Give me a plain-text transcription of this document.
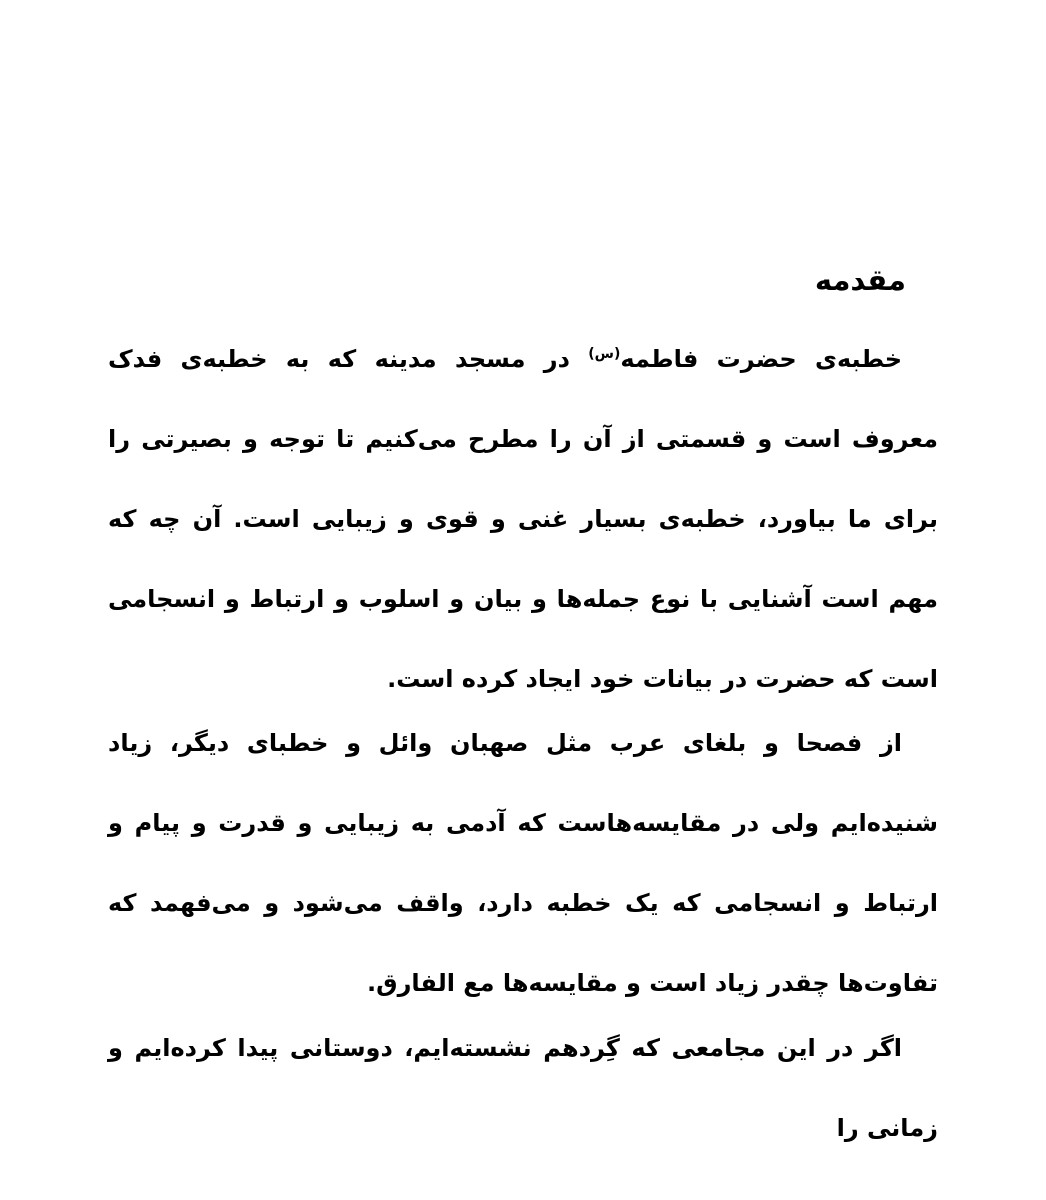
مقدمه

خطبه‌ی حضرت فاطمه$^{(س)}$ در مسجد مدینه که به خطبه‌ی فدک معروف است و قسمتی از آن را مطرح می‌کنیم تا توجه و بصیرتی را برای ما بیاورد، خطبه‌ی بسیار غنی و قوی و زیبایی است. آن چه که مهم است آشنایی با نوع جمله‌ها و بیان و اسلوب و ارتباط و انسجامی است که حضرت در بیانات خود ایجاد کرده است.

از فصحا و بلغای عرب مثل صهبان وائل و خطبای دیگر، زیاد شنیده‌ایم ولی در مقایسه‌هاست که آدمی به زیبایی و قدرت و پیام و ارتباط و انسجامی که یک خطبه دارد، واقف می‌شود و می‌فهمد که تفاوت‌ها چقدر زیاد است و مقایسه‌ها مع الفارق.

اگر در این مجامعی که گِردهم نشسته‌ایم، دوستانی پیدا کرده‌ایم و زمانی را
